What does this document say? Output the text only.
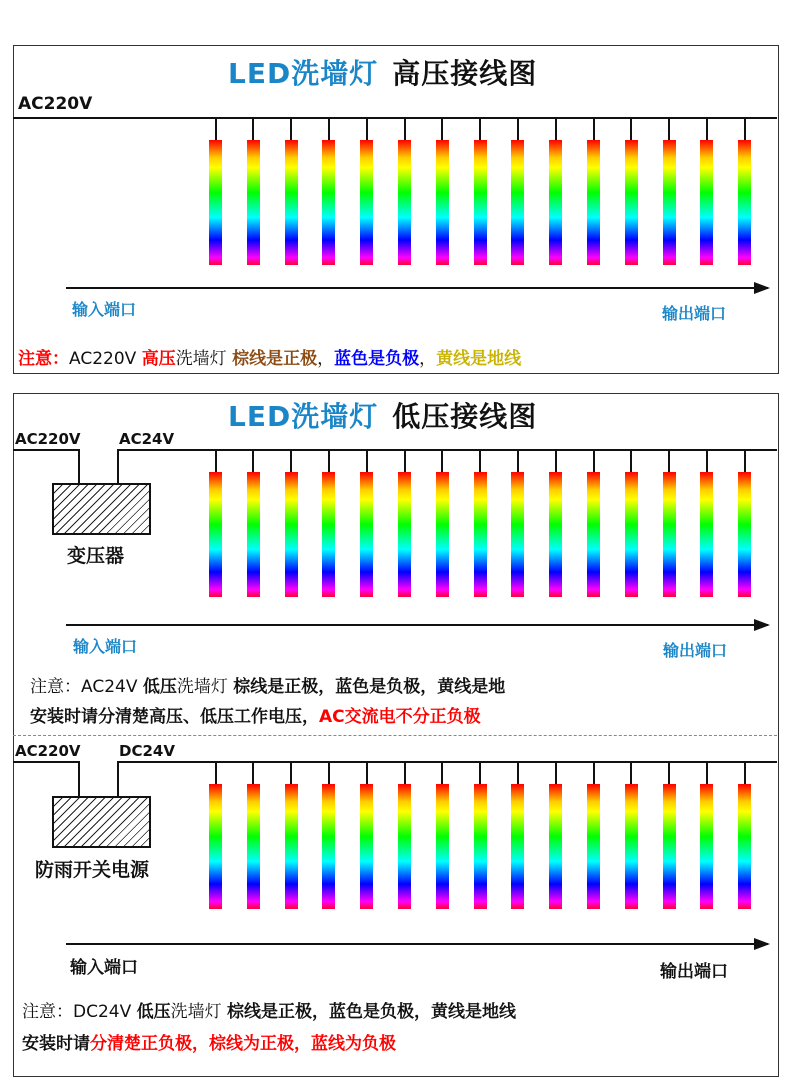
LED洗墙灯 高压接线图
AC220V
输入端口	输出端口
注意：AC220V 高压洗墙灯 棕线是正极，蓝色是负极，黄线是地线
LED洗墙灯 低压接线图
AC220V	AC24V
变压器
输入端口	输出端口
注意：AC24V 低压洗墙灯 棕线是正极，蓝色是负极，黄线是地
安装时请分清楚高压、低压工作电压，AC交流电不分正负极
AC220V	DC24V
防雨开关电源
输入端口	输出端口
注意：DC24V 低压洗墙灯 棕线是正极，蓝色是负极，黄线是地线
安装时请分清楚正负极，棕线为正极，蓝线为负极
